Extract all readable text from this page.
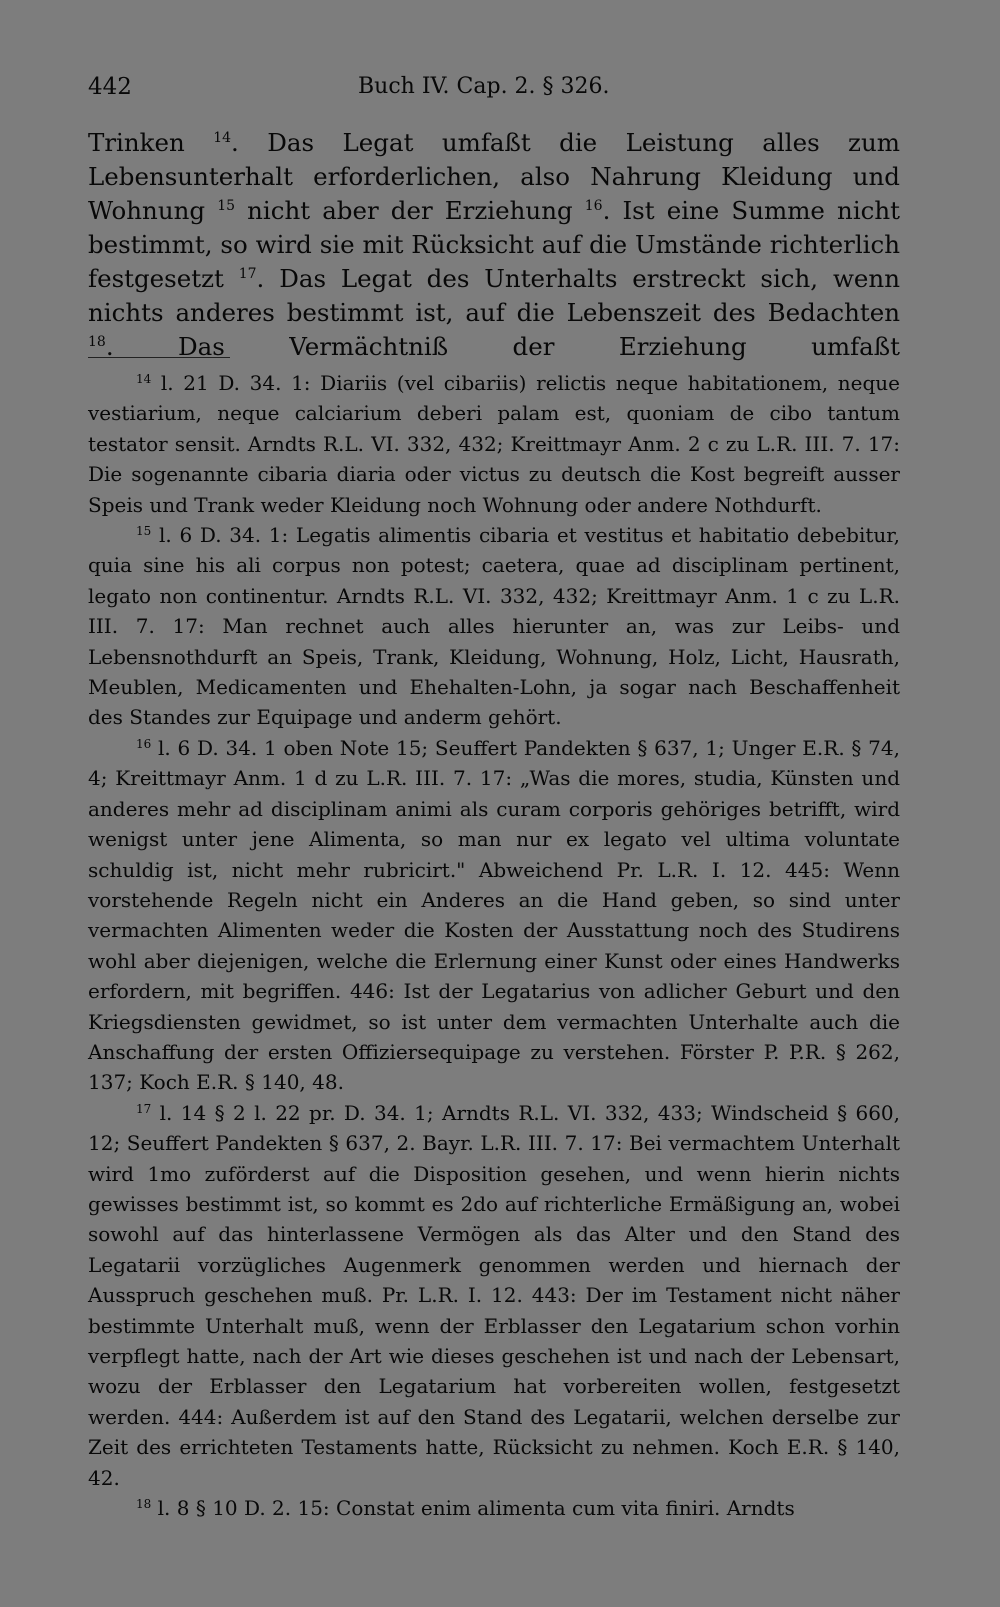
442	Buch IV. Cap. 2. § 326.

Trinken $^{14}$. Das Legat umfaßt die Leistung alles zum Lebensunterhalt erforderlichen, also Nahrung Kleidung und Wohnung $^{15}$ nicht aber der Erziehung $^{16}$. Ist eine Summe nicht bestimmt, so wird sie mit Rücksicht auf die Umstände richterlich festgesetzt $^{17}$. Das Legat des Unterhalts erstreckt sich, wenn nichts anderes bestimmt ist, auf die Lebenszeit des Bedachten $^{18}$. Das Vermächtniß der Erziehung umfaßt

$^{14}$ l. 21 D. 34. 1: Diariis (vel cibariis) relictis neque habitationem, neque vestiarium, neque calciarium deberi palam est, quoniam de cibo tantum testator sensit. Arndts R.L. VI. 332, 432; Kreittmayr Anm. 2 c zu L.R. III. 7. 17: Die sogenannte cibaria diaria oder victus zu deutsch die Kost begreift ausser Speis und Trank weder Kleidung noch Wohnung oder andere Nothdurft.

$^{15}$ l. 6 D. 34. 1: Legatis alimentis cibaria et vestitus et habitatio debebitur, quia sine his ali corpus non potest; caetera, quae ad disciplinam pertinent, legato non continentur. Arndts R.L. VI. 332, 432; Kreittmayr Anm. 1 c zu L.R. III. 7. 17: Man rechnet auch alles hierunter an, was zur Leibs- und Lebensnothdurft an Speis, Trank, Kleidung, Wohnung, Holz, Licht, Hausrath, Meublen, Medicamenten und Ehehalten-Lohn, ja sogar nach Beschaffenheit des Standes zur Equipage und anderm gehört.

$^{16}$ l. 6 D. 34. 1 oben Note 15; Seuffert Pandekten § 637, 1; Unger E.R. § 74, 4; Kreittmayr Anm. 1 d zu L.R. III. 7. 17: „Was die mores, studia, Künsten und anderes mehr ad disciplinam animi als curam corporis gehöriges betrifft, wird wenigst unter jene Alimenta, so man nur ex legato vel ultima voluntate schuldig ist, nicht mehr rubricirt." Abweichend Pr. L.R. I. 12. 445: Wenn vorstehende Regeln nicht ein Anderes an die Hand geben, so sind unter vermachten Alimenten weder die Kosten der Ausstattung noch des Studirens wohl aber diejenigen, welche die Erlernung einer Kunst oder eines Handwerks erfordern, mit begriffen. 446: Ist der Legatarius von adlicher Geburt und den Kriegsdiensten gewidmet, so ist unter dem vermachten Unterhalte auch die Anschaffung der ersten Offiziersequipage zu verstehen. Förster P. P.R. § 262, 137; Koch E.R. § 140, 48.

$^{17}$ l. 14 § 2 l. 22 pr. D. 34. 1; Arndts R.L. VI. 332, 433; Windscheid § 660, 12; Seuffert Pandekten § 637, 2. Bayr. L.R. III. 7. 17: Bei vermachtem Unterhalt wird 1mo zuförderst auf die Disposition gesehen, und wenn hierin nichts gewisses bestimmt ist, so kommt es 2do auf richterliche Ermäßigung an, wobei sowohl auf das hinterlassene Vermögen als das Alter und den Stand des Legatarii vorzügliches Augenmerk genommen werden und hiernach der Ausspruch geschehen muß. Pr. L.R. I. 12. 443: Der im Testament nicht näher bestimmte Unterhalt muß, wenn der Erblasser den Legatarium schon vorhin verpflegt hatte, nach der Art wie dieses geschehen ist und nach der Lebensart, wozu der Erblasser den Legatarium hat vorbereiten wollen, festgesetzt werden. 444: Außerdem ist auf den Stand des Legatarii, welchen derselbe zur Zeit des errichteten Testaments hatte, Rücksicht zu nehmen. Koch E.R. § 140, 42.

$^{18}$ l. 8 § 10 D. 2. 15: Constat enim alimenta cum vita finiri. Arndts
